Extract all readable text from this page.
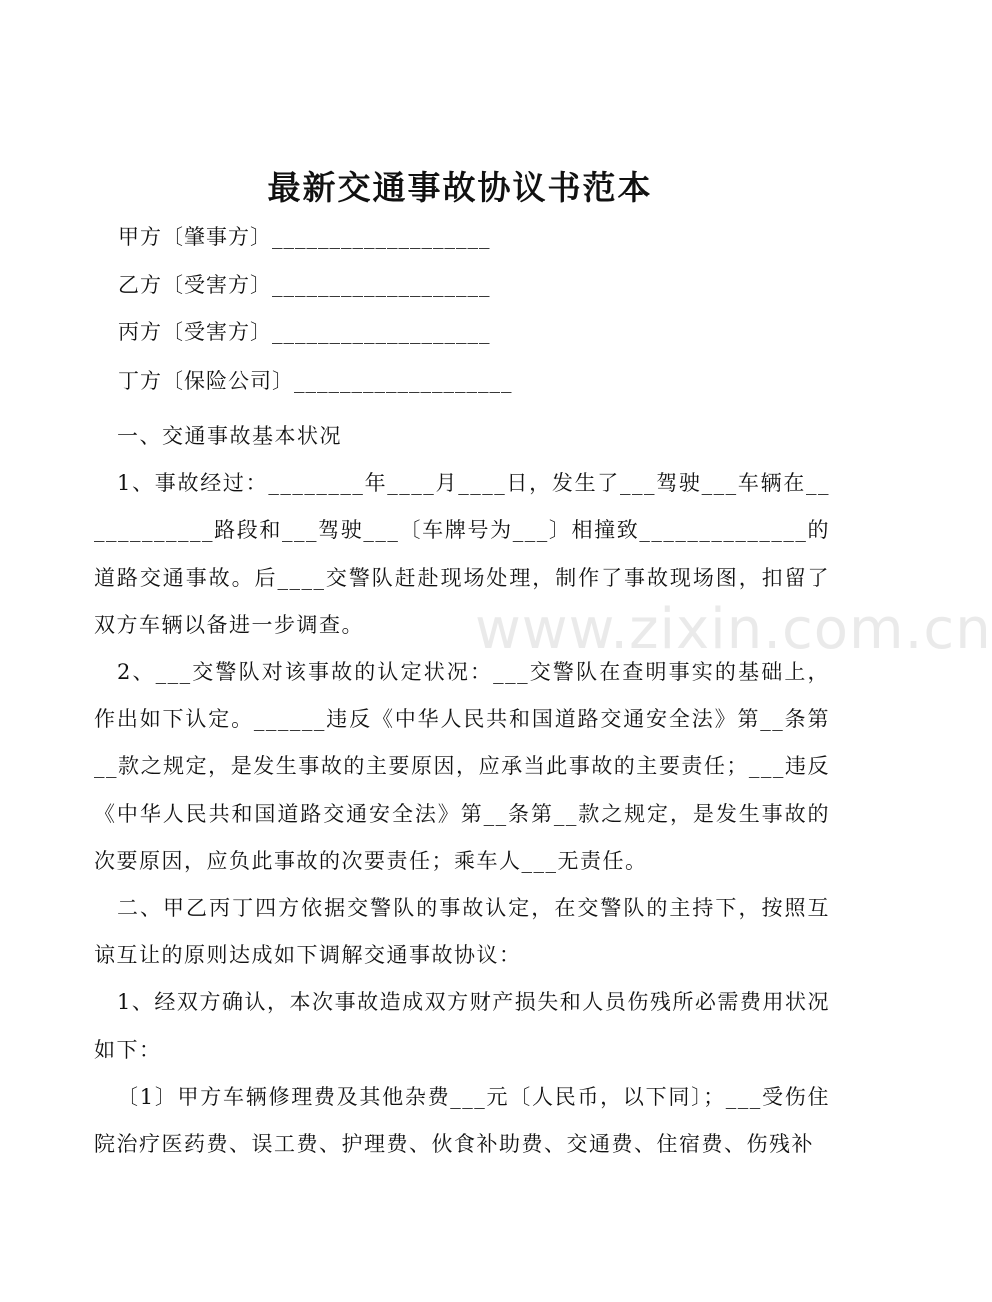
最新交通事故协议书范本
甲方〔肇事方〕___________________
乙方〔受害方〕___________________
丙方〔受害方〕___________________
丁方〔保险公司〕___________________

一、交通事故基本状况

1、事故经过：________年____月____日，发生了___驾驶___车辆在____________路段和___驾驶___〔车牌号为___〕相撞致______________的道路交通事故。后____交警队赶赴现场处理，制作了事故现场图，扣留了双方车辆以备进一步调查。

2、___交警队对该事故的认定状况：___交警队在查明事实的基础上，作出如下认定。______违反《中华人民共和国道路交通安全法》第__条第__款之规定，是发生事故的主要原因，应承当此事故的主要责任；___违反《中华人民共和国道路交通安全法》第__条第__款之规定，是发生事故的次要原因，应负此事故的次要责任；乘车人___无责任。

二、甲乙丙丁四方依据交警队的事故认定，在交警队的主持下，按照互谅互让的原则达成如下调解交通事故协议：

1、经双方确认，本次事故造成双方财产损失和人员伤残所必需费用状况如下：

〔1〕甲方车辆修理费及其他杂费___元〔人民币，以下同〕；___受伤住院治疗医药费、误工费、护理费、伙食补助费、交通费、住宿费、伤残补

www.zixin.com.cn
